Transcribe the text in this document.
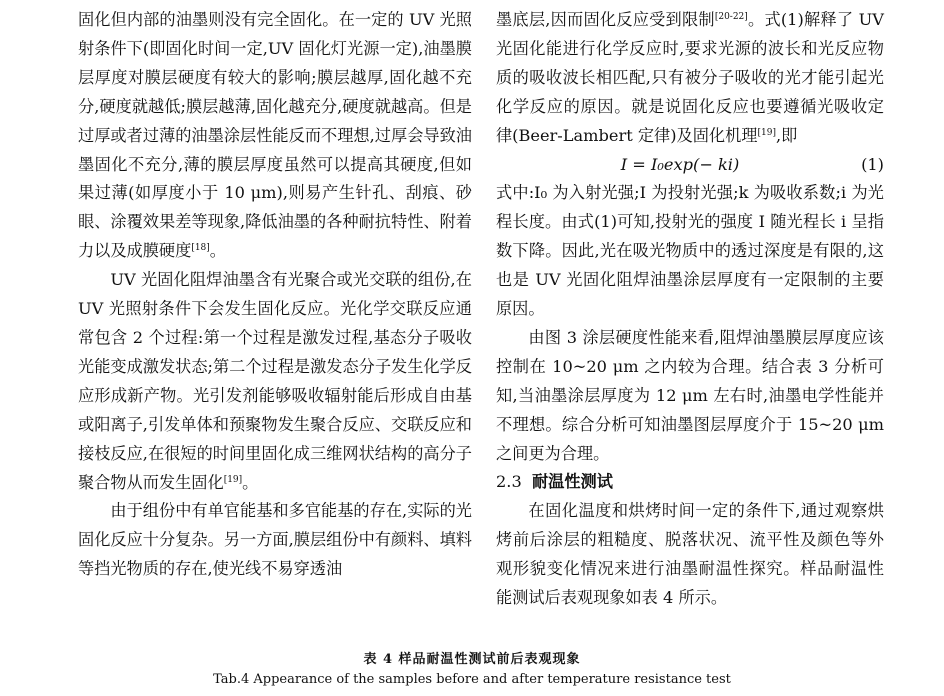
固化但内部的油墨则没有完全固化。在一定的 UV 光照射条件下(即固化时间一定,UV 固化灯光源一定),油墨膜层厚度对膜层硬度有较大的影响;膜层越厚,固化越不充分,硬度就越低;膜层越薄,固化越充分,硬度就越高。但是过厚或者过薄的油墨涂层性能反而不理想,过厚会导致油墨固化不充分,薄的膜层厚度虽然可以提高其硬度,但如果过薄(如厚度小于 10 μm),则易产生针孔、刮痕、砂眼、涂覆效果差等现象,降低油墨的各种耐抗特性、附着力以及成膜硬度[18]。

UV 光固化阻焊油墨含有光聚合或光交联的组份,在 UV 光照射条件下会发生固化反应。光化学交联反应通常包含 2 个过程:第一个过程是激发过程,基态分子吸收光能变成激发状态;第二个过程是激发态分子发生化学反应形成新产物。光引发剂能够吸收辐射能后形成自由基或阳离子,引发单体和预聚物发生聚合反应、交联反应和接枝反应,在很短的时间里固化成三维网状结构的高分子聚合物从而发生固化[19]。

由于组份中有单官能基和多官能基的存在,实际的光固化反应十分复杂。另一方面,膜层组份中有颜料、填料等挡光物质的存在,使光线不易穿透油

墨底层,因而固化反应受到限制[20-22]。式(1)解释了 UV 光固化能进行化学反应时,要求光源的波长和光反应物质的吸收波长相匹配,只有被分子吸收的光才能引起光化学反应的原因。就是说固化反应也要遵循光吸收定律(Beer-Lambert 定律)及固化机理[19],即

I = I₀exp(− ki)	(1)

式中:I₀ 为入射光强;I 为投射光强;k 为吸收系数;i 为光程长度。由式(1)可知,投射光的强度 I 随光程长 i 呈指数下降。因此,光在吸光物质中的透过深度是有限的,这也是 UV 光固化阻焊油墨涂层厚度有一定限制的主要原因。

由图 3 涂层硬度性能来看,阻焊油墨膜层厚度应该控制在 10~20 μm 之内较为合理。结合表 3 分析可知,当油墨涂层厚度为 12 μm 左右时,油墨电学性能并不理想。综合分析可知油墨图层厚度介于 15~20 μm 之间更为合理。

2.3 耐温性测试

在固化温度和烘烤时间一定的条件下,通过观察烘烤前后涂层的粗糙度、脱落状况、流平性及颜色等外观形貌变化情况来进行油墨耐温性探究。样品耐温性能测试后表观现象如表 4 所示。

表 4 样品耐温性测试前后表观现象
Tab.4 Appearance of the samples before and after temperature resistance test
